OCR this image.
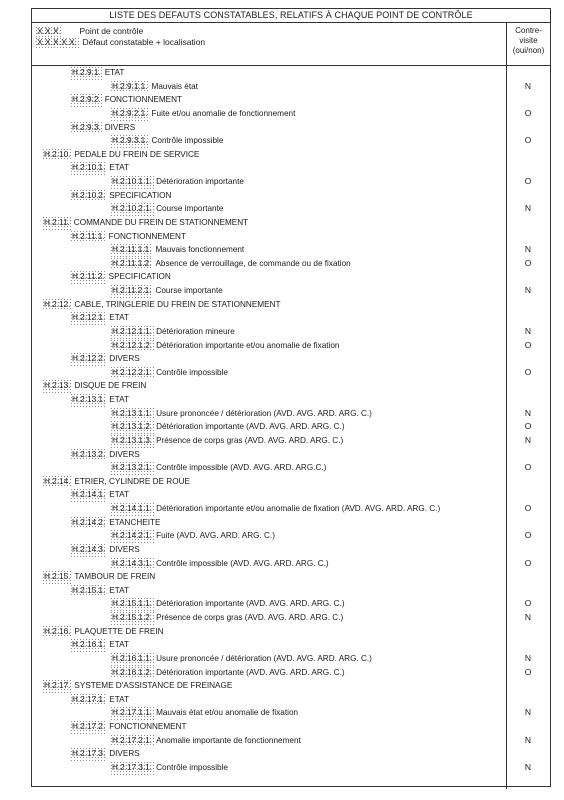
LISTE DES DEFAUTS CONSTATABLES, RELATIFS À CHAQUE POINT DE CONTRÔLE
X.X.X. Point de contrôle
X.X.X.X.X. Défaut constatable + localisation
Contre-
visite
(oui/non)
H.2.9.1. ETAT
H.2.9.1.1. Mauvais état	N
H.2.9.2. FONCTIONNEMENT
H.2.9.2.1. Fuite et/ou anomalie de fonctionnement	O
H.2.9.3. DIVERS
H.2.9.3.1. Contrôle impossible	O
H.2.10. PEDALE DU FREIN DE SERVICE
H.2.10.1. ETAT
H.2.10.1.1. Détérioration importante	O
H.2.10.2. SPECIFICATION
H.2.10.2.1. Course importante	N
H.2.11. COMMANDE DU FREIN DE STATIONNEMENT
H.2.11.1. FONCTIONNEMENT
H.2.11.1.1. Mauvais fonctionnement	N
H.2.11.1.2. Absence de verrouillage, de commande ou de fixation	O
H.2.11.2. SPECIFICATION
H.2.11.2.1. Course importante	N
H.2.12. CABLE, TRINGLERIE DU FREIN DE STATIONNEMENT
H.2.12.1. ETAT
H.2.12.1.1. Détérioration mineure	N
H.2.12.1.2. Détérioration importante et/ou anomalie de fixation	O
H.2.12.2. DIVERS
H.2.12.2.1. Contrôle impossible	O
H.2.13. DISQUE DE FREIN
H.2.13.1. ETAT
H.2.13.1.1. Usure prononcée / détérioration (AVD. AVG. ARD. ARG. C.)	N
H.2.13.1.2. Détérioration importante (AVD. AVG. ARD. ARG. C.)	O
H.2.13.1.3. Présence de corps gras (AVD. AVG. ARD. ARG. C.)	N
H.2.13.2. DIVERS
H.2.13.2.1. Contrôle impossible (AVD. AVG. ARD. ARG.C.)	O
H.2.14. ETRIER, CYLINDRE DE ROUE
H.2.14.1. ETAT
H.2.14.1.1. Détérioration importante et/ou anomalie de fixation (AVD. AVG. ARD. ARG. C.)	O
H.2.14.2. ETANCHEITE
H.2.14.2.1. Fuite (AVD. AVG. ARD. ARG. C.)	O
H.2.14.3. DIVERS
H.2.14.3.1. Contrôle impossible (AVD. AVG. ARD. ARG. C.)	O
H.2.15. TAMBOUR DE FREIN
H.2.15.1. ETAT
H.2.15.1.1. Détérioration importante (AVD. AVG. ARD. ARG. C.)	O
H.2.15.1.2. Présence de corps gras (AVD. AVG. ARD. ARG. C.)	N
H.2.16. PLAQUETTE DE FREIN
H.2.16.1. ETAT
H.2.16.1.1. Usure prononcée / détérioration (AVD. AVG. ARD. ARG. C.)	N
H.2.16.1.2. Détérioration importante (AVD. AVG. ARD. ARG. C.)	O
H.2.17. SYSTEME D'ASSISTANCE DE FREINAGE
H.2.17.1. ETAT
H.2.17.1.1. Mauvais état et/ou anomalie de fixation	N
H.2.17.2. FONCTIONNEMENT
H.2.17.2.1. Anomalie importante de fonctionnement	N
H.2.17.3. DIVERS
H.2.17.3.1. Contrôle impossible	N
